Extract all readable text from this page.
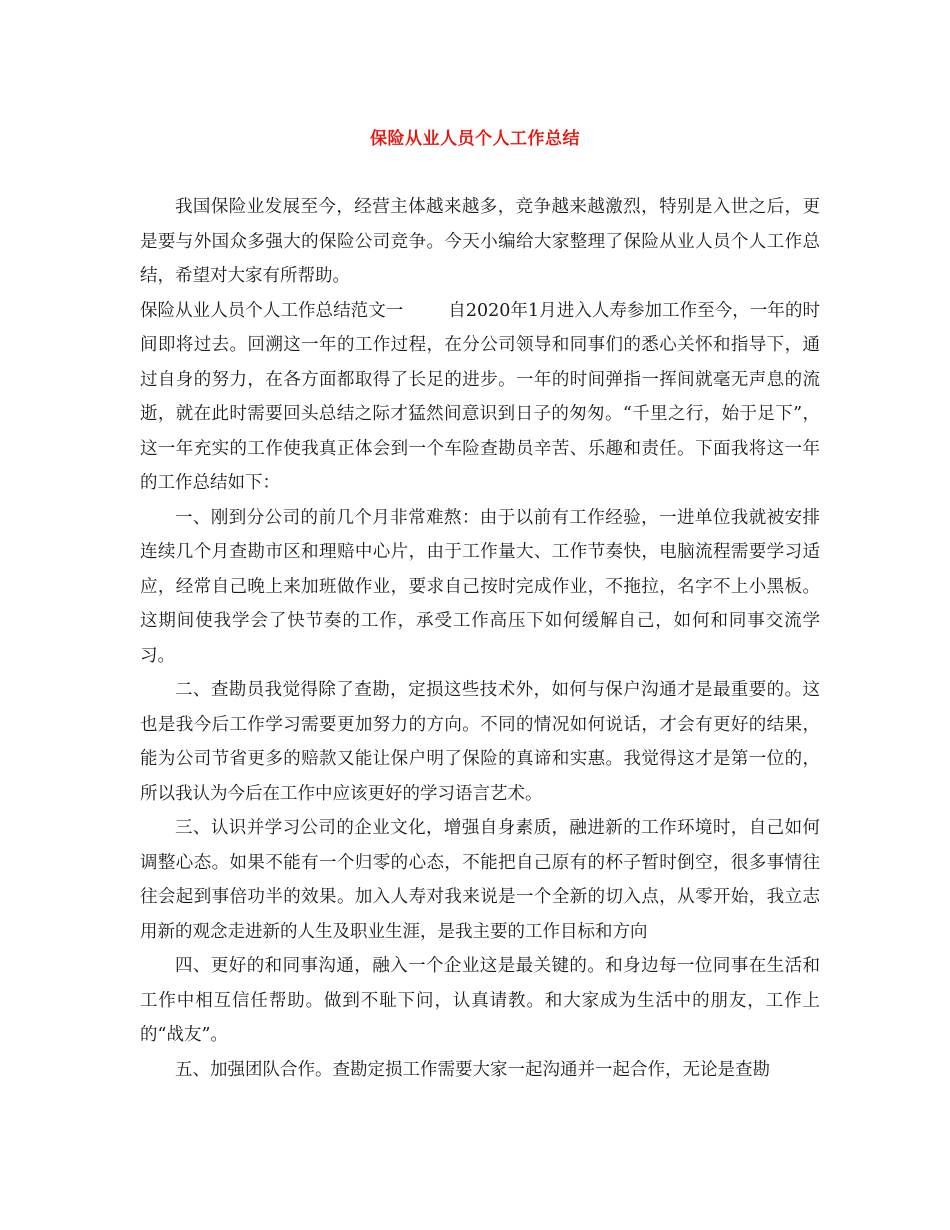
保险从业人员个人工作总结

我国保险业发展至今，经营主体越来越多，竞争越来越激烈，特别是入世之后，更是要与外国众多强大的保险公司竞争。今天小编给大家整理了保险从业人员个人工作总结，希望对大家有所帮助。

保险从业人员个人工作总结范文一	自2020年1月进入人寿参加工作至今，一年的时间即将过去。回溯这一年的工作过程，在分公司领导和同事们的悉心关怀和指导下，通过自身的努力，在各方面都取得了长足的进步。一年的时间弹指一挥间就毫无声息的流逝，就在此时需要回头总结之际才猛然间意识到日子的匆匆。“千里之行，始于足下”，这一年充实的工作使我真正体会到一个车险查勘员辛苦、乐趣和责任。下面我将这一年的工作总结如下：

一、刚到分公司的前几个月非常难熬：由于以前有工作经验，一进单位我就被安排连续几个月查勘市区和理赔中心片，由于工作量大、工作节奏快，电脑流程需要学习适应，经常自己晚上来加班做作业，要求自己按时完成作业，不拖拉，名字不上小黑板。这期间使我学会了快节奏的工作，承受工作高压下如何缓解自己，如何和同事交流学习。

二、查勘员我觉得除了查勘，定损这些技术外，如何与保户沟通才是最重要的。这也是我今后工作学习需要更加努力的方向。不同的情况如何说话，才会有更好的结果，能为公司节省更多的赔款又能让保户明了保险的真谛和实惠。我觉得这才是第一位的，所以我认为今后在工作中应该更好的学习语言艺术。

三、认识并学习公司的企业文化，增强自身素质，融进新的工作环境时，自己如何调整心态。如果不能有一个归零的心态，不能把自己原有的杯子暂时倒空，很多事情往往会起到事倍功半的效果。加入人寿对我来说是一个全新的切入点，从零开始，我立志用新的观念走进新的人生及职业生涯，是我主要的工作目标和方向

四、更好的和同事沟通，融入一个企业这是最关键的。和身边每一位同事在生活和工作中相互信任帮助。做到不耻下问，认真请教。和大家成为生活中的朋友，工作上的“战友”。

五、加强团队合作。查勘定损工作需要大家一起沟通并一起合作，无论是查勘
